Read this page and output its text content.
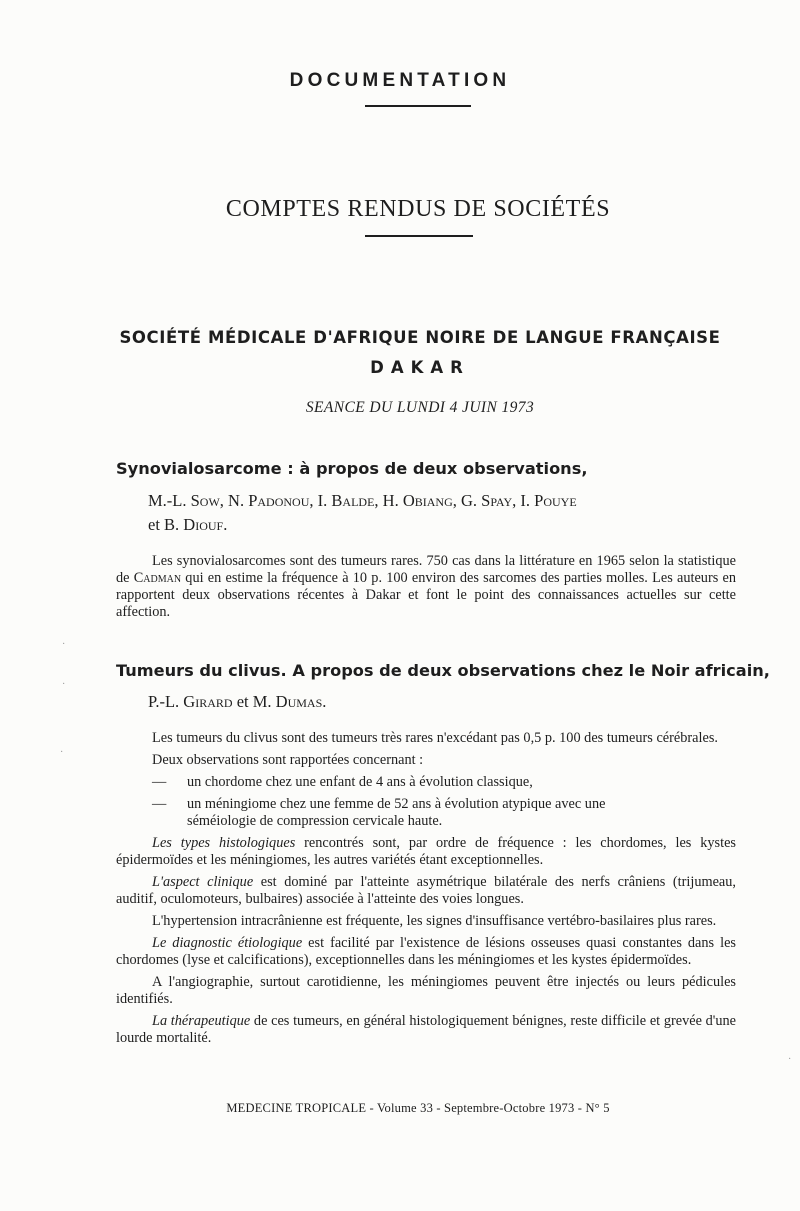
DOCUMENTATION
COMPTES RENDUS DE SOCIÉTÉS
SOCIÉTÉ MÉDICALE D'AFRIQUE NOIRE DE LANGUE FRANÇAISE
DAKAR
SEANCE DU LUNDI 4 JUIN 1973
Synovialosarcome : à propos de deux observations,
M.-L. Sow, N. Padonou, I. Balde, H. Obiang, G. Spay, I. Pouye
et B. Diouf.

Les synovialosarcomes sont des tumeurs rares. 750 cas dans la littérature en 1965 selon la statistique de Cadman qui en estime la fréquence à 10 p. 100 environ des sarcomes des parties molles. Les auteurs en rapportent deux observations récentes à Dakar et font le point des connaissances actuelles sur cette affection.

Tumeurs du clivus. A propos de deux observations chez le Noir africain,
P.-L. Girard et M. Dumas.

Les tumeurs du clivus sont des tumeurs très rares n'excédant pas 0,5 p. 100 des tumeurs cérébrales.

Deux observations sont rapportées concernant :

— un chordome chez une enfant de 4 ans à évolution classique,
— un méningiome chez une femme de 52 ans à évolution atypique avec une
séméiologie de compression cervicale haute.

Les types histologiques rencontrés sont, par ordre de fréquence : les chordomes, les kystes épidermoïdes et les méningiomes, les autres variétés étant exceptionnelles.

L'aspect clinique est dominé par l'atteinte asymétrique bilatérale des nerfs crâniens (trijumeau, auditif, oculomoteurs, bulbaires) associée à l'atteinte des voies longues.

L'hypertension intracrânienne est fréquente, les signes d'insuffisance vertébro-basilaires plus rares.

Le diagnostic étiologique est facilité par l'existence de lésions osseuses quasi constantes dans les chordomes (lyse et calcifications), exceptionnelles dans les méningiomes et les kystes épidermoïdes.

A l'angiographie, surtout carotidienne, les méningiomes peuvent être injectés ou leurs pédicules identifiés.

La thérapeutique de ces tumeurs, en général histologiquement bénignes, reste difficile et grevée d'une lourde mortalité.

MEDECINE TROPICALE - Volume 33 - Septembre-Octobre 1973 - N° 5
·
·
·
·
